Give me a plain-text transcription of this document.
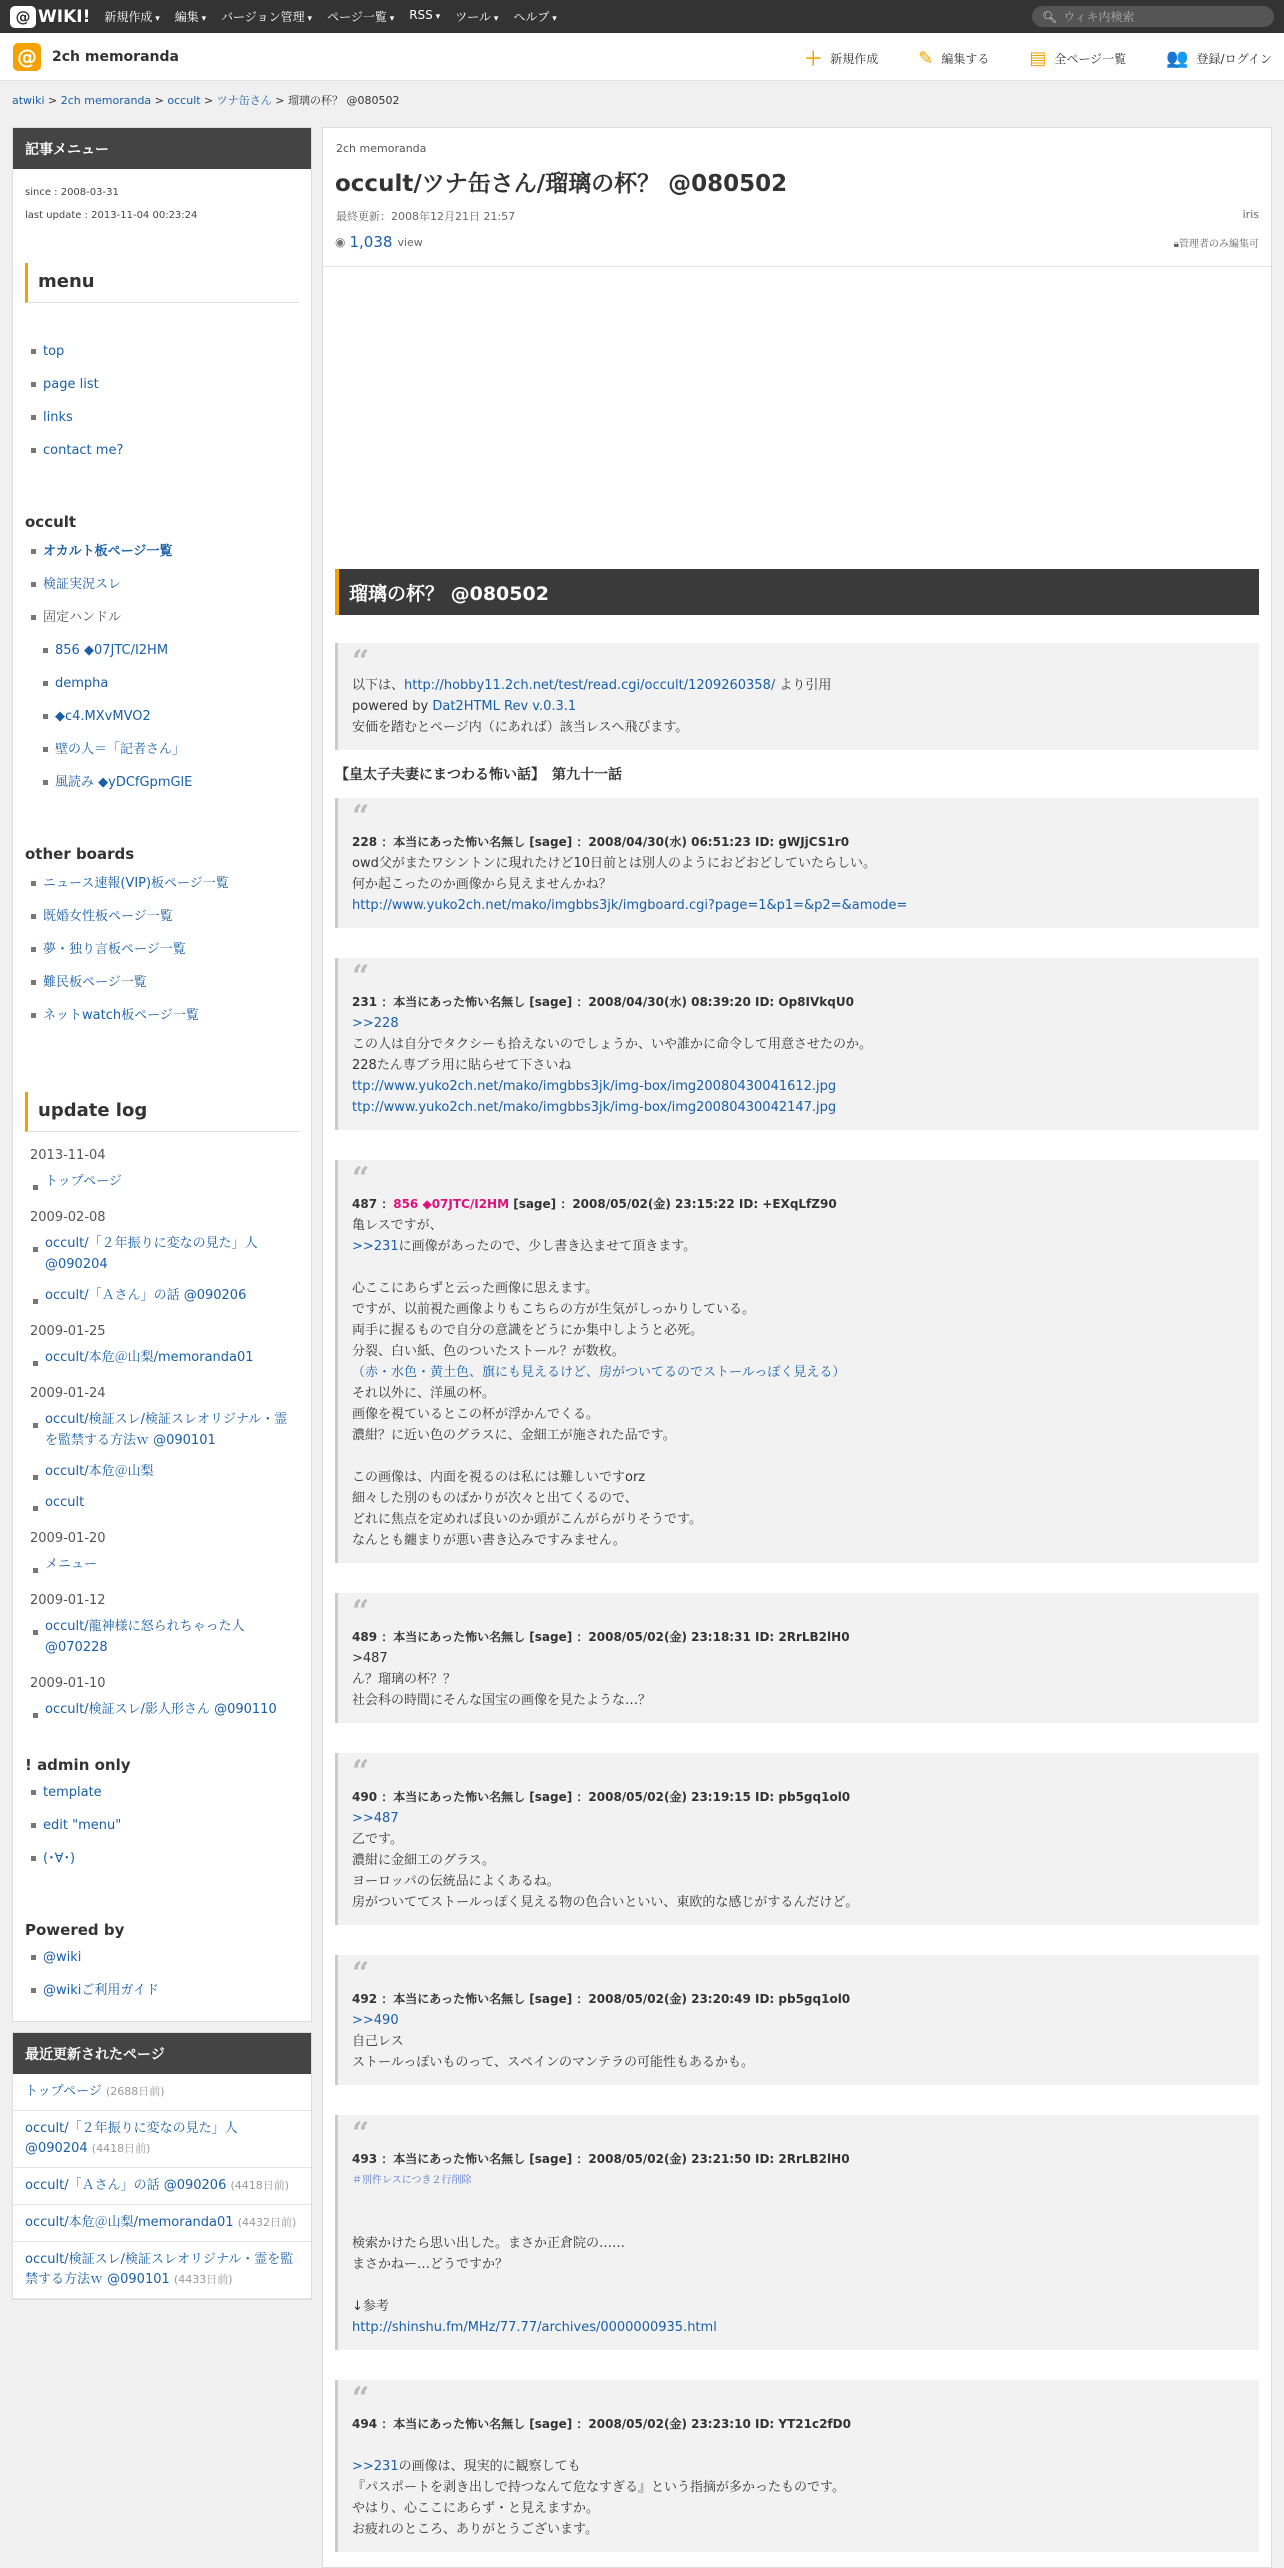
@ WIKI! 新規作成 ▾	編集 ▾	バージョン管理 ▾	ページ一覧 ▾	RSS ▾	ツール ▾	ヘルプ ▾	🔍︎
ウィキ内検索
@ 2ch memoranda	＋ 新規作成 ✎ 編集する ▤ 全ページ一覧 👥 登録/ログイン
atwiki > 2ch memoranda > occult > ツナ缶さん > 瑠璃の杯？ @080502
記事メニュー
since : 2008-03-31
last update : 2013-11-04 00:23:24
menu
top
page list
links
contact me?
occult
オカルト板ページ一覧
検証実況スレ
固定ハンドル
856 ◆07JTC/I2HM
dempha
◆c4.MXvMVO2
壁の人＝「記者さん」
風読み ◆yDCfGpmGlE
other boards
ニュース速報(VIP)板ページ一覧
既婚女性板ページ一覧
夢・独り言板ページ一覧
難民板ページ一覧
ネットwatch板ページ一覧
update log
2013-11-04
トップページ
2009-02-08
occult/「２年振りに変なの見た」人 @090204
occult/「Ａさん」の話 @090206
2009-01-25
occult/本危＠山梨/memoranda01
2009-01-24
occult/検証スレ/検証スレオリジナル・霊を監禁する方法ｗ @090101
occult/本危＠山梨
occult
2009-01-20
メニュー
2009-01-12
occult/龍神様に怒られちゃった人 @070228
2009-01-10
occult/検証スレ/影人形さん @090110
! admin only
template
edit "menu"
(･∀･)
Powered by
@wiki
@wikiご利用ガイド
最近更新されたページ
トップページ (2688日前)
occult/「２年振りに変なの見た」人 @090204 (4418日前)
occult/「Ａさん」の話 @090206 (4418日前)
occult/本危＠山梨/memoranda01 (4432日前)
occult/検証スレ/検証スレオリジナル・霊を監禁する方法ｗ @090101 (4433日前)
2ch memoranda
occult/ツナ缶さん/瑠璃の杯？ @080502
最終更新：2008年12月21日 21:57	iris
◉ 1,038 view	🔒︎管理者のみ編集可
瑠璃の杯？ @080502
“

以下は、http://hobby11.2ch.net/test/read.cgi/occult/1209260358/ より引用

powered by Dat2HTML Rev v.0.3.1

安価を踏むとページ内（にあれば）該当レスへ飛びます。

【皇太子夫妻にまつわる怖い話】　第九十一話
“
228 ：本当にあった怖い名無し [sage] ：2008/04/30(水) 06:51:23 ID: gWJjCS1r0

owd父がまたワシントンに現れたけど10日前とは別人のようにおどおどしていたらしい。

何か起こったのか画像から見えませんかね？

http://www.yuko2ch.net/mako/imgbbs3jk/imgboard.cgi?page=1&p1=&p2=&amode=

“
231 ：本当にあった怖い名無し [sage] ：2008/04/30(水) 08:39:20 ID: Op8IVkqU0

>>228

この人は自分でタクシーも拾えないのでしょうか、いや誰かに命令して用意させたのか。

228たん専ブラ用に貼らせて下さいね

ttp://www.yuko2ch.net/mako/imgbbs3jk/img-box/img20080430041612.jpg

ttp://www.yuko2ch.net/mako/imgbbs3jk/img-box/img20080430042147.jpg

“
487 ：856 ◆07JTC/I2HM [sage] ：2008/05/02(金) 23:15:22 ID: +EXqLfZ90

亀レスですが、

>>231に画像があったので、少し書き込ませて頂きます。

心ここにあらずと云った画像に思えます。

ですが、以前視た画像よりもこちらの方が生気がしっかりしている。

両手に握るもので自分の意識をどうにか集中しようと必死。

分裂、白い紙、色のついたストール？が数枚。

（赤・水色・黄土色、旗にも見えるけど、房がついてるのでストールっぽく見える）

それ以外に、洋風の杯。

画像を視ているとこの杯が浮かんでくる。

濃紺？に近い色のグラスに、金細工が施された品です。

この画像は、内面を視るのは私には難しいですorz

細々した別のものばかりが次々と出てくるので、

どれに焦点を定めれば良いのか頭がこんがらがりそうです。

なんとも纏まりが悪い書き込みですみません。

“
489 ：本当にあった怖い名無し [sage] ：2008/05/02(金) 23:18:31 ID: 2RrLB2lH0

>487

ん？瑠璃の杯？？

社会科の時間にそんな国宝の画像を見たような…？

“
490 ：本当にあった怖い名無し [sage] ：2008/05/02(金) 23:19:15 ID: pb5gq1ol0

>>487

乙です。

濃紺に金細工のグラス。

ヨーロッパの伝統品によくあるね。

房がついててストールっぽく見える物の色合いといい、東欧的な感じがするんだけど。

“
492 ：本当にあった怖い名無し [sage] ：2008/05/02(金) 23:20:49 ID: pb5gq1ol0

>>490

自己レス

ストールっぽいものって、スペインのマンテラの可能性もあるかも。

“
493 ：本当にあった怖い名無し [sage] ：2008/05/02(金) 23:21:50 ID: 2RrLB2lH0
＃別件レスにつき２行削除

検索かけたら思い出した。まさか正倉院の……

まさかねー…どうですか？

↓参考

http://shinshu.fm/MHz/77.77/archives/0000000935.html

“
494 ：本当にあった怖い名無し [sage] ：2008/05/02(金) 23:23:10 ID: YT21c2fD0

>>231の画像は、現実的に観察しても

『パスポートを剥き出しで持つなんて危なすぎる』という指摘が多かったものです。

やはり、心ここにあらず・と見えますか。

お疲れのところ、ありがとうございます。
